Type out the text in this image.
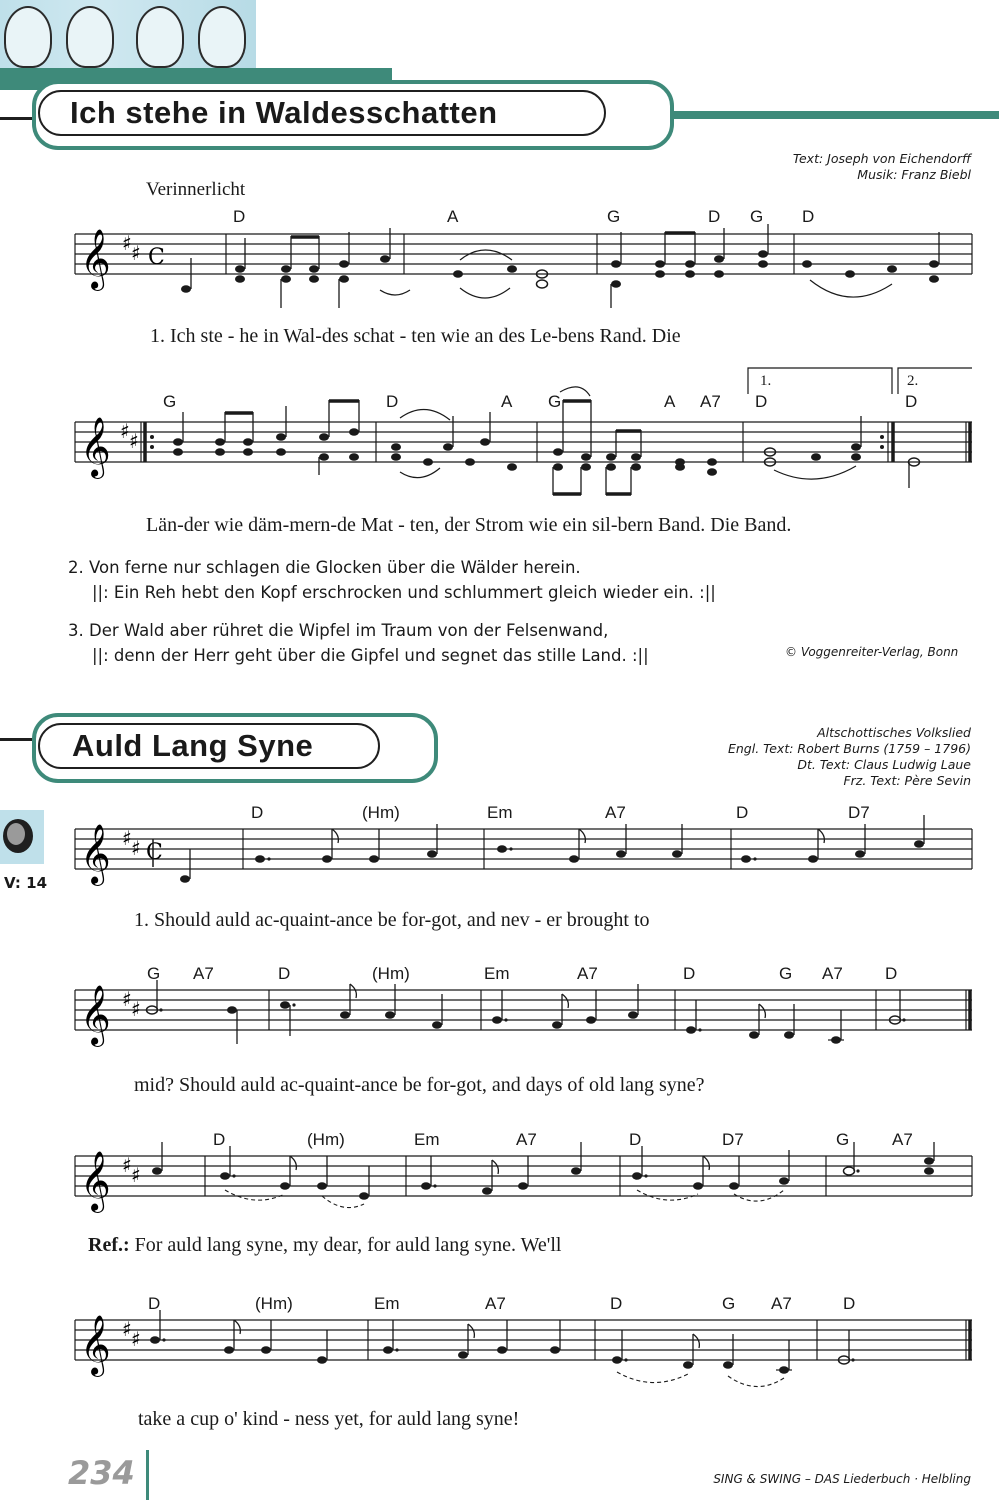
Ich stehe in Waldesschatten
Text: Joseph von Eichendorff
Musik: Franz Biebl
Verinnerlicht
D	A	G	D G D
𝄞 ♯ ♯ C
1. Ich ste - he in Wal-des schat - ten wie an des Le-bens Rand. Die
G	D	A G	A A7 D	D
1.	2.
𝄞 ♯ ♯
Län-der wie däm-mern-de Mat - ten, der Strom wie ein sil-bern Band. Die Band.
2. Von ferne nur schlagen die Glocken über die Wälder herein.
||: Ein Reh hebt den Kopf erschrocken und schlummert gleich wieder ein. :||
3. Der Wald aber rühret die Wipfel im Traum von der Felsenwand,
||: denn der Herr geht über die Gipfel und segnet das stille Land. :||	© Voggenreiter-Verlag, Bonn
Auld Lang Syne	Altschottisches Volkslied
Engl. Text: Robert Burns (1759 – 1796)
Dt. Text: Claus Ludwig Laue
Frz. Text: Père Sevin
V: 14
D	(Hm)	Em	A7	D	D7
𝄞 ♯ ♯ C
1. Should auld ac-quaint-ance be for-got, and nev - er brought to
G A7	D	(Hm)	Em	A7	D	G A7 D
𝄞 ♯ ♯
mid? Should auld ac-quaint-ance be for-got, and days of old lang syne?
D	(Hm)	Em	A7	D	D7	G	A7
𝄞 ♯ ♯
Ref.: For auld lang syne, my dear, for auld lang syne. We'll
D	(Hm)	Em	A7	D	G A7	D
𝄞 ♯ ♯
take a cup o' kind - ness yet, for auld lang syne!
234	SING & SWING – DAS Liederbuch · Helbling
